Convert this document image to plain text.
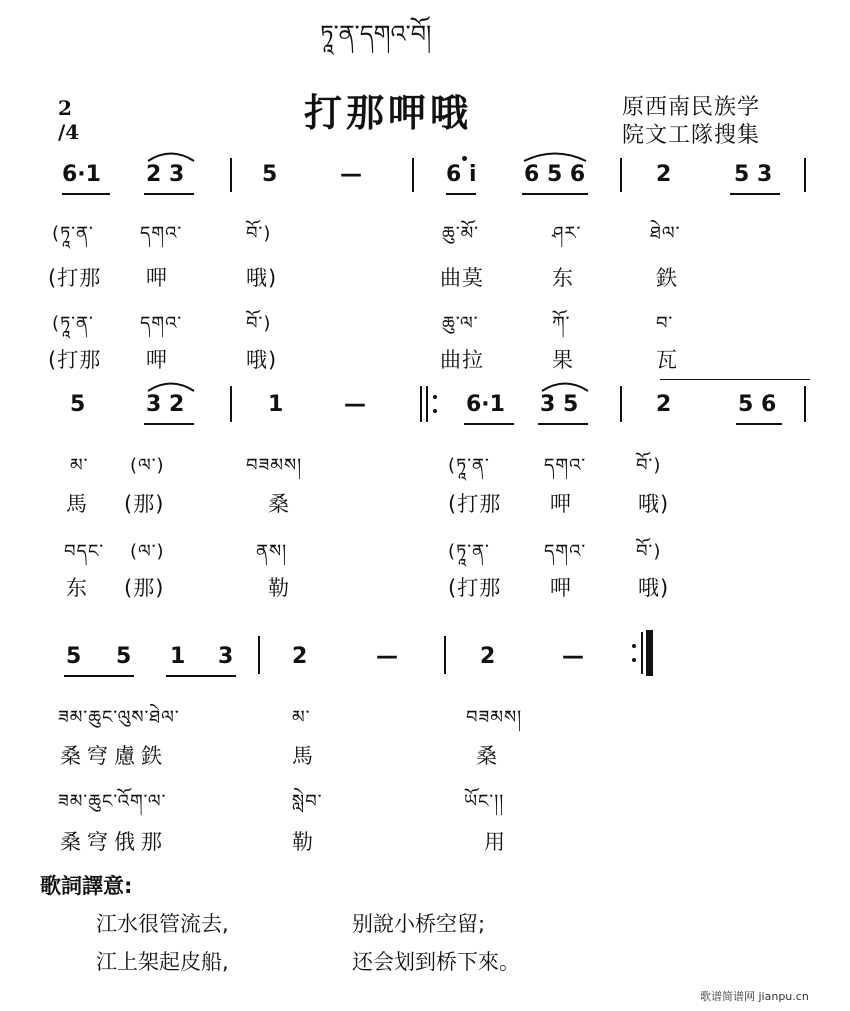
ཏཱ་ན་དགའ་བོ།
打那呷哦
2
/4
原西南民族学
院文工隊搜集
6·1 2 3	5	—	6 i 6 5 6	2	5 3
(ཏཱ་ན་	དགའ་	བོ་)	ཆུ་མོ་	ཤར་	ཐེལ་
(打那 呷	哦)	曲莫	东	鉄
(ཏཱ་ན་	དགའ་	བོ་)	ཆུ་ལ་	ཀོ་	བ་
(打那 呷	哦)	曲拉	果	瓦
5	3 2	1	—	6·1 3 5	2	5 6
མ་ (ལ་)	བཟམས།	(ཏཱ་ན་	དགའ་	བོ་)
馬 (那)	桑	(打那 呷	哦)
བདང་ (ལ་)	ནས།	(ཏཱ་ན་	དགའ་	བོ་)
东 (那)	勒	(打那 呷	哦)
5 5 1 3	2	—	2	—
ཟམ་ཆུང་ལུས་ཐེལ་	མ་	བཟམས།
桑穹慮鉄	馬	桑
ཟམ་ཆུང་འོག་ལ་	སླེབ་	ཡོང་།།
桑穹俄那	勒	用
歌詞譯意:
江水很管流去,	别說小桥空留;
江上架起皮船,	还会划到桥下來。
歌谱简谱网 jianpu.cn
